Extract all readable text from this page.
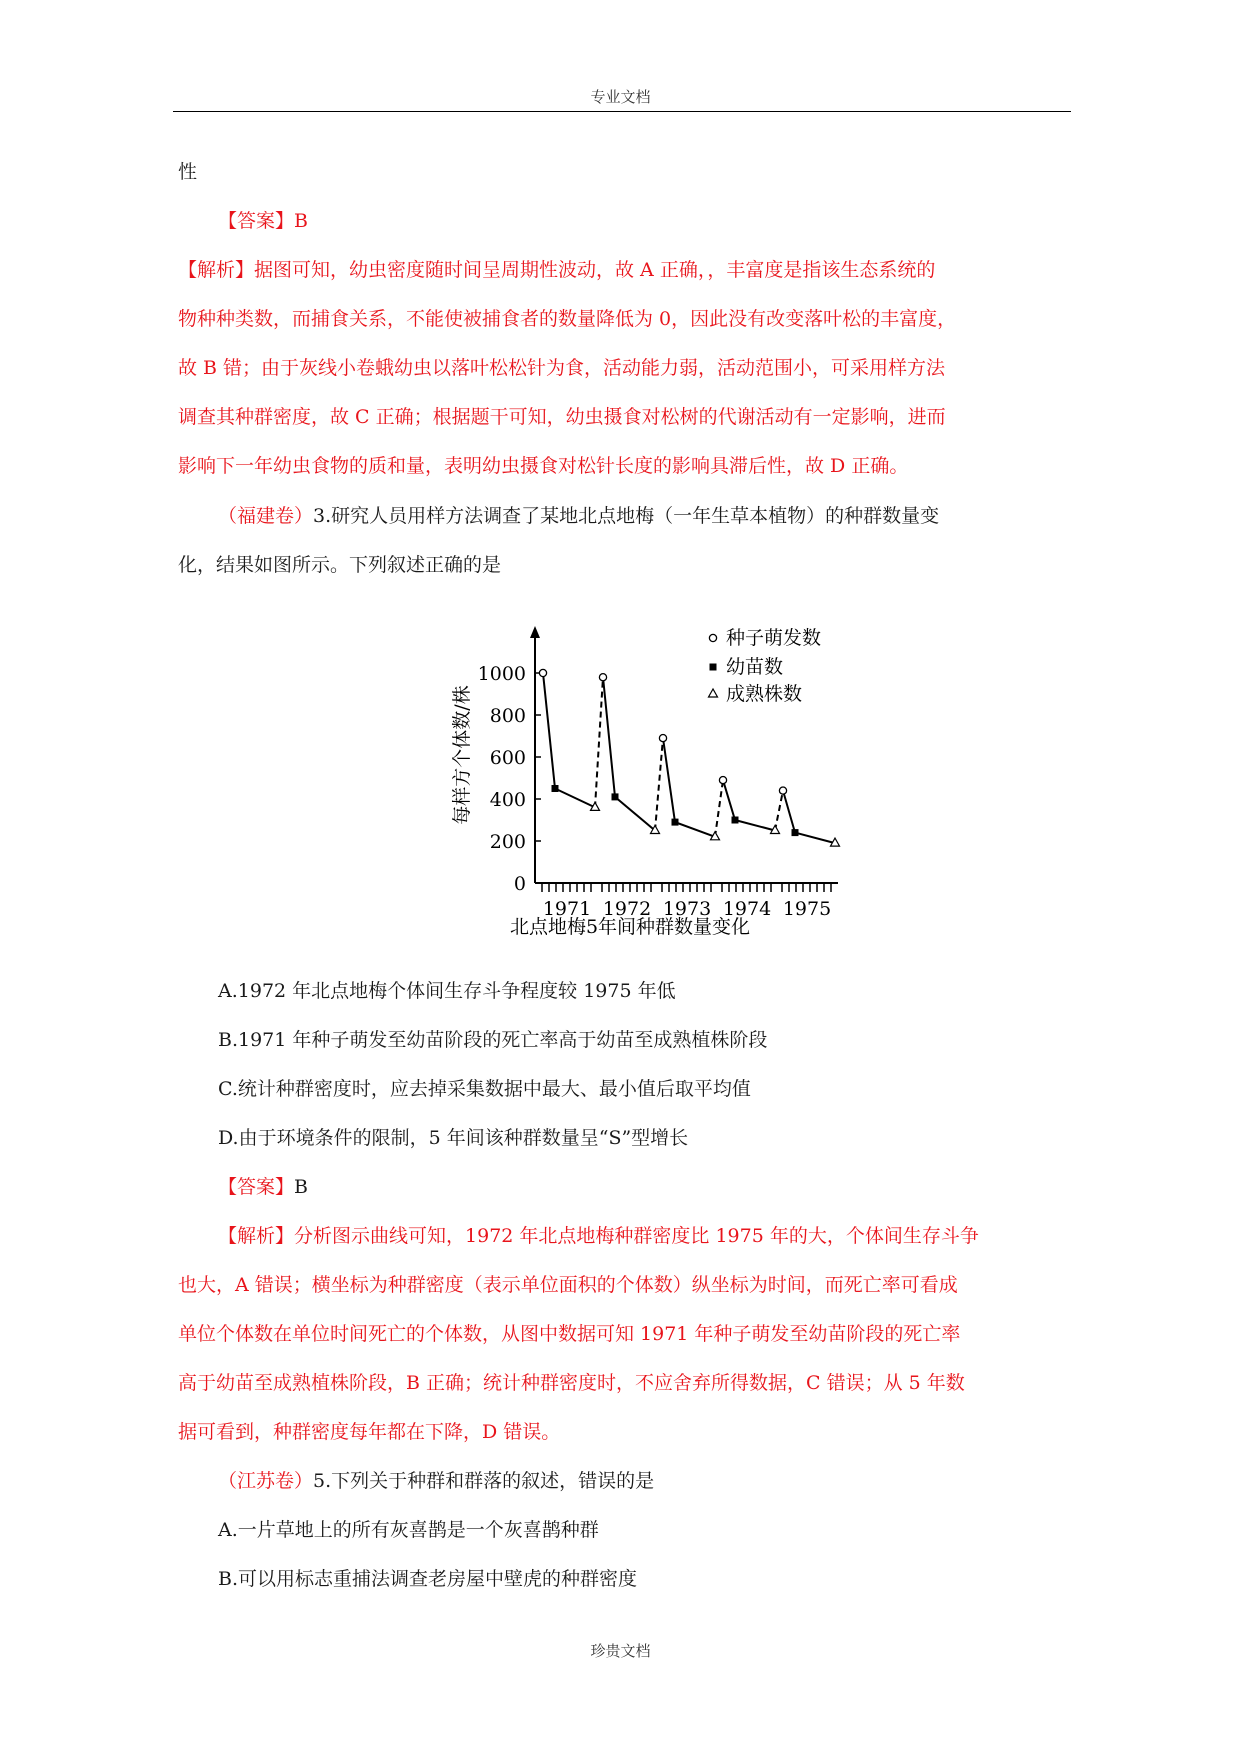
专业文档
性
【答案】B
【解析】据图可知，幼虫密度随时间呈周期性波动，故 A 正确，，丰富度是指该生态系统的
物种种类数，而捕食关系，不能使被捕食者的数量降低为 0，因此没有改变落叶松的丰富度，
故 B 错；由于灰线小卷蛾幼虫以落叶松松针为食，活动能力弱，活动范围小，可采用样方法
调查其种群密度，故 C 正确；根据题干可知，幼虫摄食对松树的代谢活动有一定影响，进而
影响下一年幼虫食物的质和量，表明幼虫摄食对松针长度的影响具滞后性，故 D 正确。
（福建卷）3.研究人员用样方法调查了某地北点地梅（一年生草本植物）的种群数量变
化，结果如图所示。下列叙述正确的是
0
200
400
600
800
1000
1971 1972 1973 1974 1975
种子萌发数
幼苗数
成熟株数
每样方个体数/株
北点地梅5年间种群数量变化
A.1972 年北点地梅个体间生存斗争程度较 1975 年低
B.1971 年种子萌发至幼苗阶段的死亡率高于幼苗至成熟植株阶段
C.统计种群密度时，应去掉采集数据中最大、最小值后取平均值
D.由于环境条件的限制，5 年间该种群数量呈“S”型增长
【答案】B
【解析】分析图示曲线可知，1972 年北点地梅种群密度比 1975 年的大，个体间生存斗争
也大，A 错误；横坐标为种群密度（表示单位面积的个体数）纵坐标为时间，而死亡率可看成
单位个体数在单位时间死亡的个体数，从图中数据可知 1971 年种子萌发至幼苗阶段的死亡率
高于幼苗至成熟植株阶段，B 正确；统计种群密度时，不应舍弃所得数据，C 错误；从 5 年数
据可看到，种群密度每年都在下降，D 错误。
（江苏卷）5.下列关于种群和群落的叙述，错误的是
A.一片草地上的所有灰喜鹊是一个灰喜鹊种群
B.可以用标志重捕法调查老房屋中壁虎的种群密度
珍贵文档
